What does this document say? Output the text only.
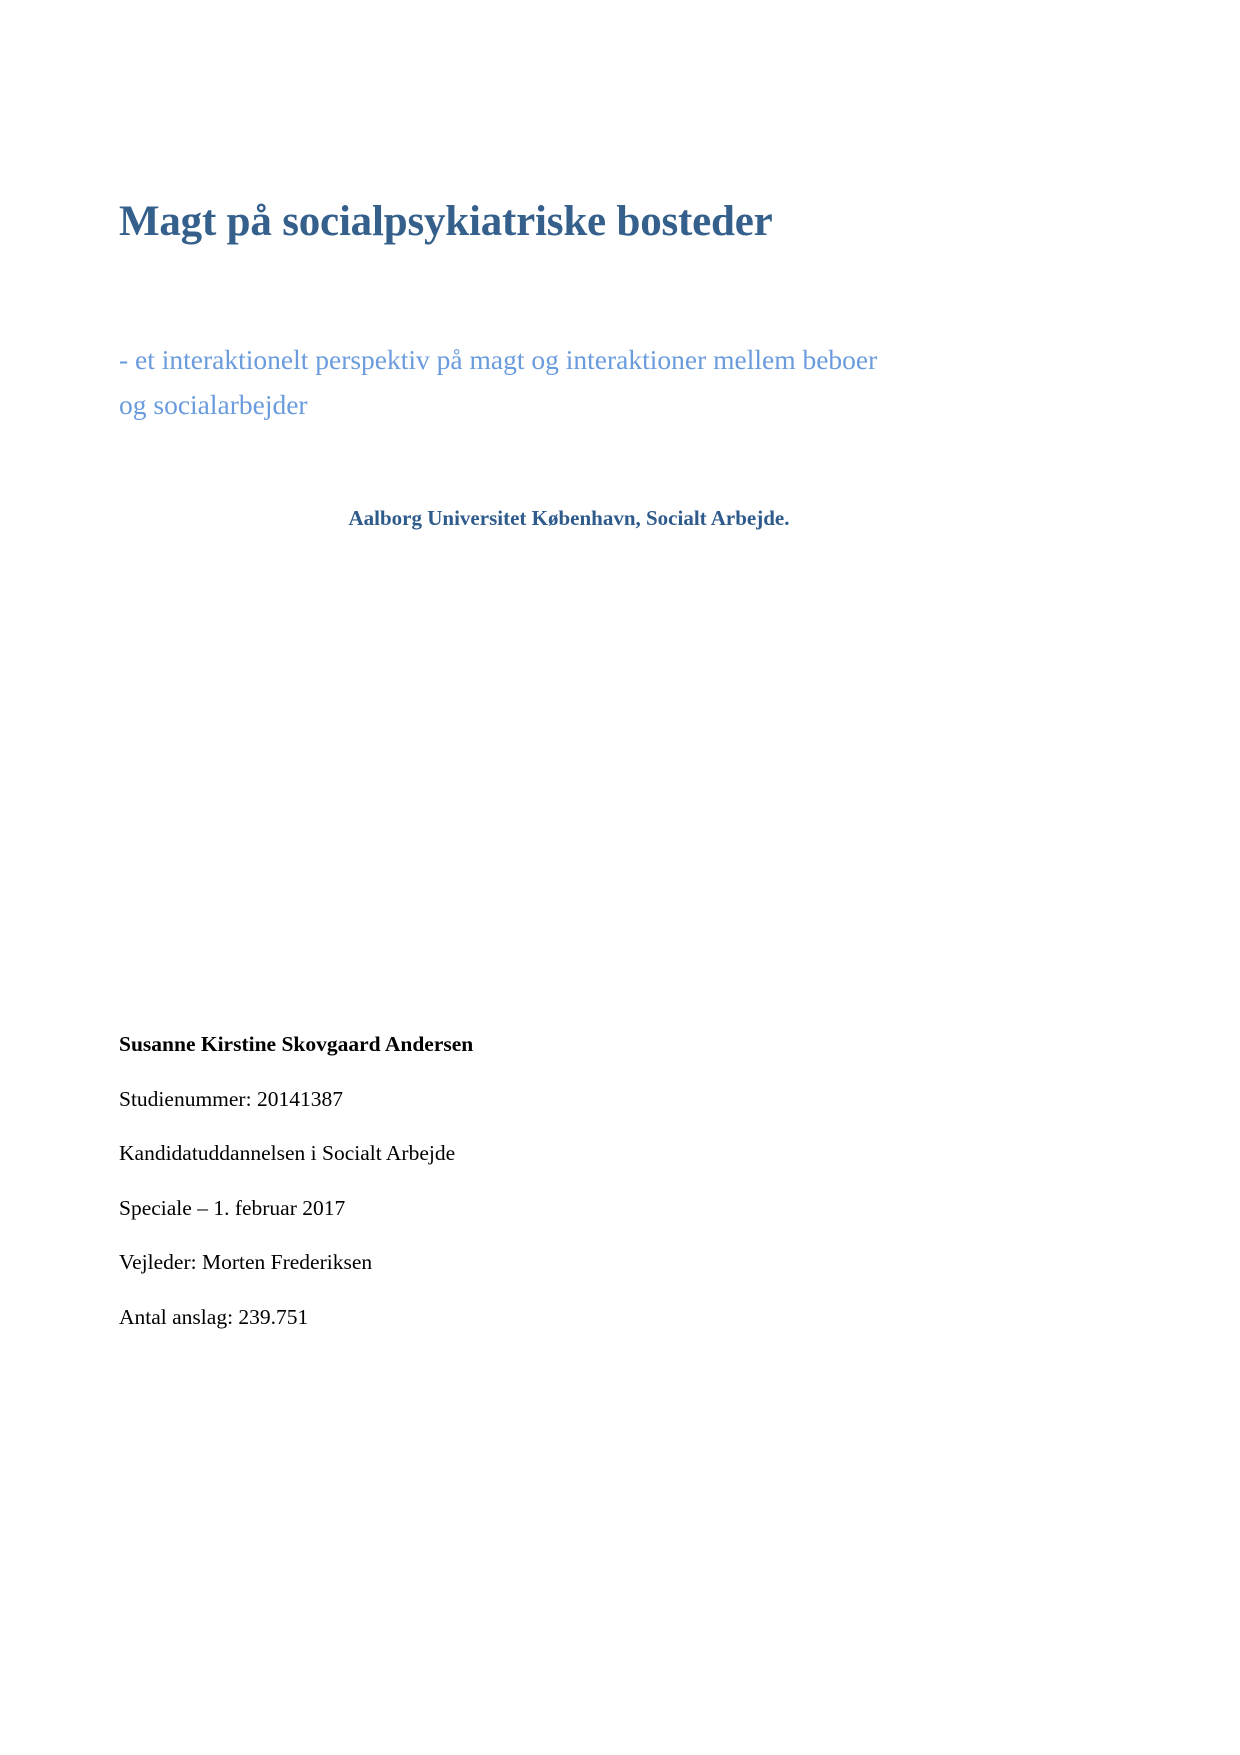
Magt på socialpsykiatriske bosteder

- et interaktionelt perspektiv på magt og interaktioner mellem beboer og socialarbejder

Aalborg Universitet København, Socialt Arbejde.

Susanne Kirstine Skovgaard Andersen

Studienummer: 20141387

Kandidatuddannelsen i Socialt Arbejde

Speciale – 1. februar 2017

Vejleder: Morten Frederiksen

Antal anslag: 239.751
